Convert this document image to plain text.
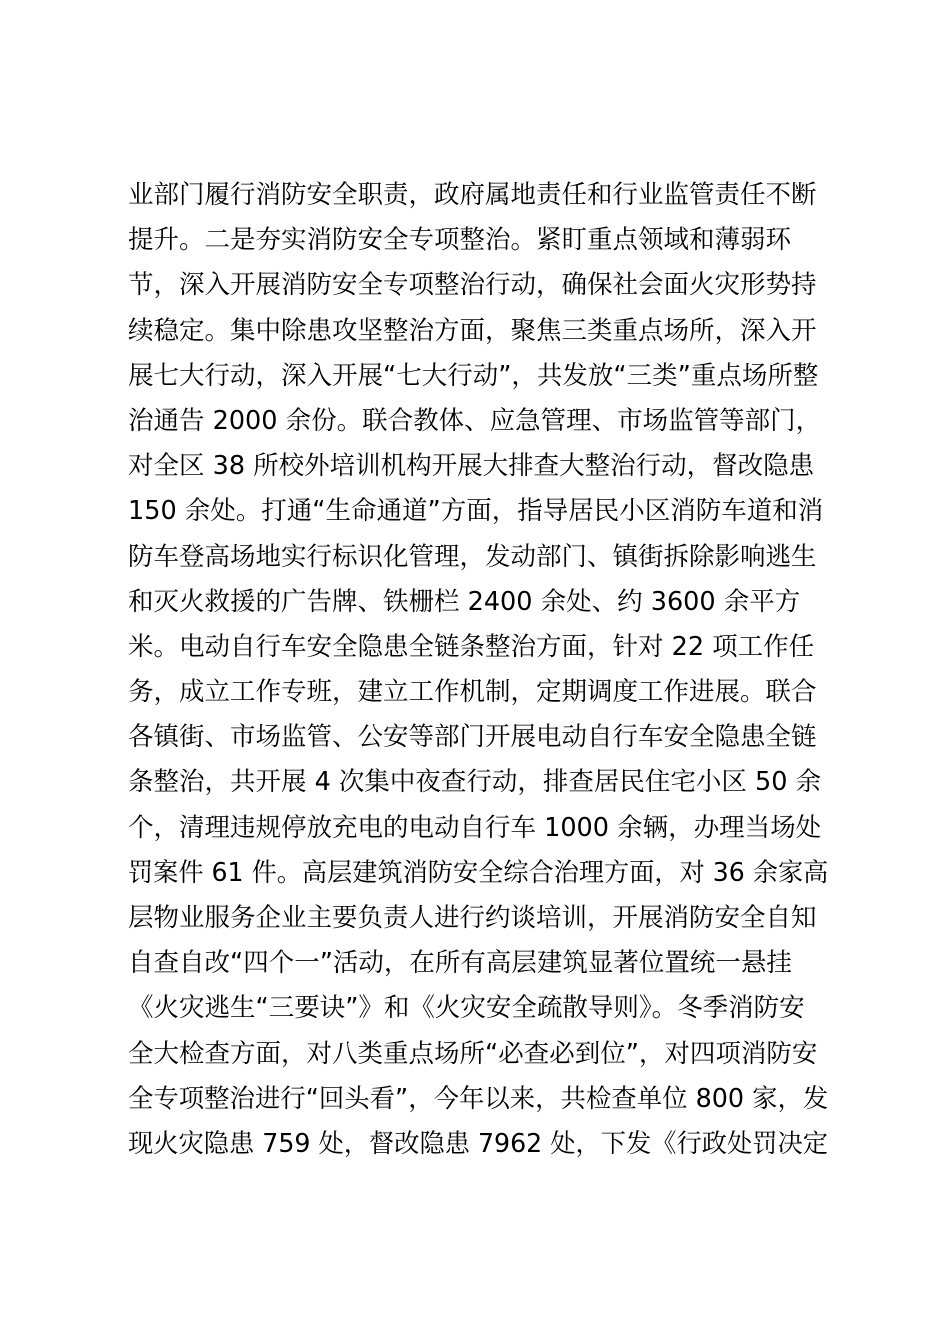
业部门履行消防安全职责，政府属地责任和行业监管责任不断
提升。二是夯实消防安全专项整治。紧盯重点领域和薄弱环
节，深入开展消防安全专项整治行动，确保社会面火灾形势持
续稳定。集中除患攻坚整治方面，聚焦三类重点场所，深入开
展七大行动，深入开展“七大行动”，共发放“三类”重点场所整
治通告 2000 余份。联合教体、应急管理、市场监管等部门，
对全区 38 所校外培训机构开展大排查大整治行动，督改隐患
150 余处。打通“生命通道”方面，指导居民小区消防车道和消
防车登高场地实行标识化管理，发动部门、镇街拆除影响逃生
和灭火救援的广告牌、铁栅栏 2400 余处、约 3600 余平方
米。电动自行车安全隐患全链条整治方面，针对 22 项工作任
务，成立工作专班，建立工作机制，定期调度工作进展。联合
各镇街、市场监管、公安等部门开展电动自行车安全隐患全链
条整治，共开展 4 次集中夜查行动，排查居民住宅小区 50 余
个，清理违规停放充电的电动自行车 1000 余辆，办理当场处
罚案件 61 件。高层建筑消防安全综合治理方面，对 36 余家高
层物业服务企业主要负责人进行约谈培训，开展消防安全自知
自查自改“四个一”活动，在所有高层建筑显著位置统一悬挂
《火灾逃生“三要诀”》和《火灾安全疏散导则》。冬季消防安
全大检查方面，对八类重点场所“必查必到位”，对四项消防安
全专项整治进行“回头看”，今年以来，共检查单位 800 家，发
现火灾隐患 759 处，督改隐患 7962 处，下发《行政处罚决定
